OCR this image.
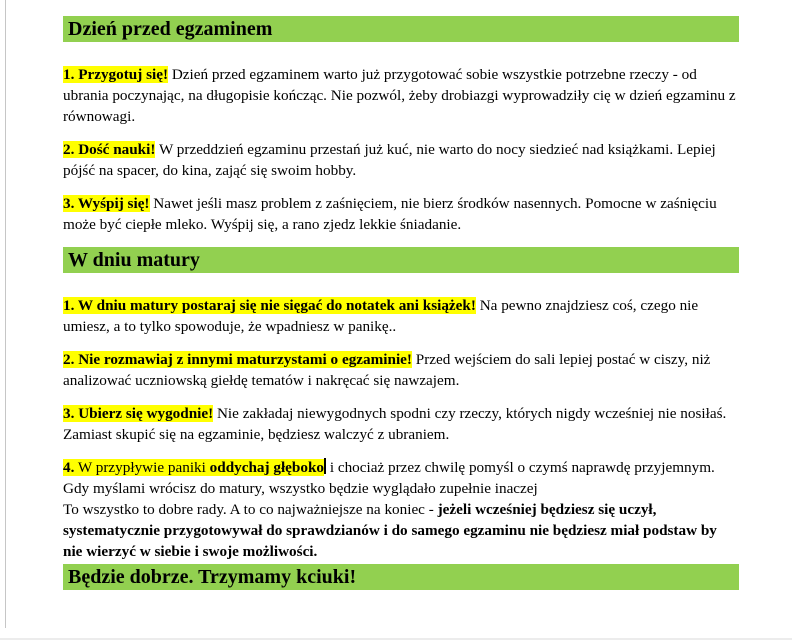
Dzień przed egzaminem

1. Przygotuj się! Dzień przed egzaminem warto już przygotować sobie wszystkie potrzebne rzeczy - od ubrania poczynając, na długopisie kończąc. Nie pozwól, żeby drobiazgi wyprowadziły cię w dzień egzaminu z równowagi.

2. Dość nauki! W przeddzień egzaminu przestań już kuć, nie warto do nocy siedzieć nad książkami. Lepiej pójść na spacer, do kina, zająć się swoim hobby.

3. Wyśpij się! Nawet jeśli masz problem z zaśnięciem, nie bierz środków nasennych. Pomocne w zaśnięciu może być ciepłe mleko. Wyśpij się, a rano zjedz lekkie śniadanie.

W dniu matury

1. W dniu matury postaraj się nie sięgać do notatek ani książek! Na pewno znajdziesz coś, czego nie umiesz, a to tylko spowoduje, że wpadniesz w panikę..

2. Nie rozmawiaj z innymi maturzystami o egzaminie! Przed wejściem do sali lepiej postać w ciszy, niż analizować uczniowską giełdę tematów i nakręcać się nawzajem.

3. Ubierz się wygodnie! Nie zakładaj niewygodnych spodni czy rzeczy, których nigdy wcześniej nie nosiłaś. Zamiast skupić się na egzaminie, będziesz walczyć z ubraniem.

4. W przypływie paniki oddychaj głęboko i chociaż przez chwilę pomyśl o czymś naprawdę przyjemnym. Gdy myślami wrócisz do matury, wszystko będzie wyglądało zupełnie inaczej
To wszystko to dobre rady. A to co najważniejsze na koniec - jeżeli wcześniej będziesz się uczył, systematycznie przygotowywał do sprawdzianów i do samego egzaminu nie będziesz miał podstaw by nie wierzyć w siebie i swoje możliwości.

Będzie dobrze. Trzymamy kciuki!
